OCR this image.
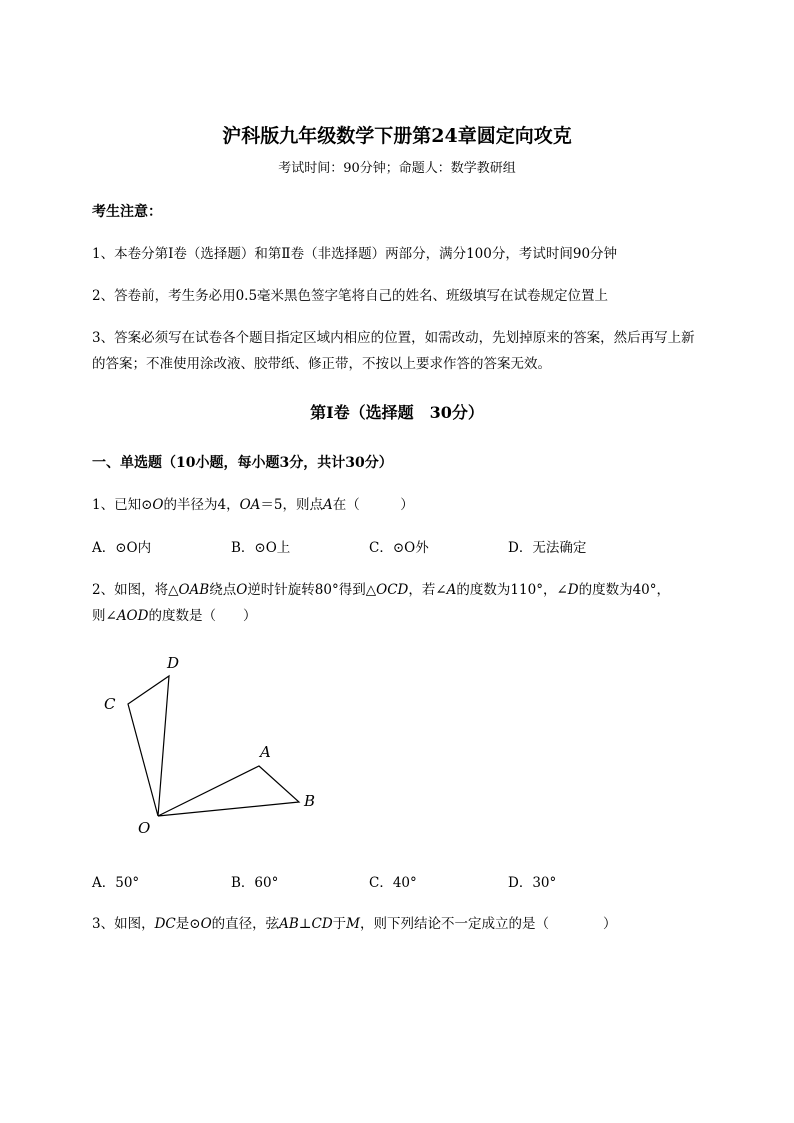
沪科版九年级数学下册第24章圆定向攻克
考试时间：90分钟；命题人：数学教研组
考生注意：
1、本卷分第I卷（选择题）和第Ⅱ卷（非选择题）两部分，满分100分，考试时间90分钟
2、答卷前，考生务必用0.5毫米黑色签字笔将自己的姓名、班级填写在试卷规定位置上
3、答案必须写在试卷各个题目指定区域内相应的位置，如需改动，先划掉原来的答案，然后再写上新
的答案；不准使用涂改液、胶带纸、修正带，不按以上要求作答的答案无效。
第I卷（选择题　30分）
一、单选题（10小题，每小题3分，共计30分）
1、已知⊙O的半径为4，OA＝5，则点A在（　　　）
A．⊙O内	B．⊙O上	C．⊙O外	D．无法确定
2、如图，将△OAB绕点O逆时针旋转80°得到△OCD，若∠A的度数为110°，∠D的度数为40°，
则∠AOD的度数是（　　）
D
C
A
B
O
A．50°	B．60°	C．40°	D．30°
3、如图，DC是⊙O的直径，弦AB⊥CD于M，则下列结论不一定成立的是（　　　　）
